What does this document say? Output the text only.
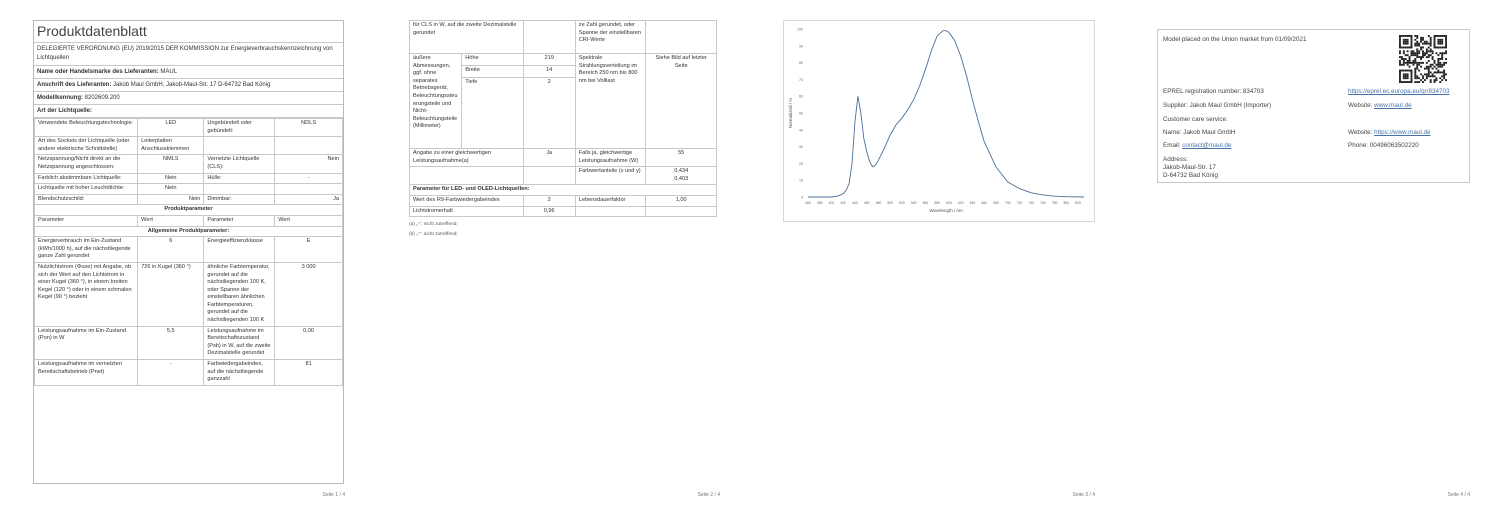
Produktdatenblatt
DELEGIERTE VERORDNUNG (EU) 2019/2015 DER KOMMISSION zur Energieverbrauchskennzeichnung von Lichtquellen
Name oder Handelsmarke des Lieferanten: MAUL
Anschrift des Lieferanten: Jakob Maul GmbH, Jakob-Maul-Str. 17 D-64732 Bad König
Modellkennung: 8202609.200
Art der Lichtquelle:
Verwendete Beleuchtungstechnologie:	LED	Ungebündelt oder gebündelt:	NDLS
Art des Sockels der Lichtquelle (oder andere elektrische Schnittstelle)	Leiterplatten Anschlussklemmen		
Netzspannung/Nicht direkt an die Netzspannung angeschlossen:	NMLS	Vernetzte Lichtquelle (CLS):	Nein
Farblich abstimmbare Lichtquelle:	Nein	Hülle:	-
Lichtquelle mit hoher Leuchtdichte:	Nein		
Blendschutzschild:	Nein	Dimmbar:	Ja
Produktparameter			
Parameter	Wert	Parameter	Wert
Allgemeine Produktparameter:			
Energieverbrauch im Ein-Zustand (kWh/1000 h), auf die nächstliegende ganze Zahl gerundet	6	Energieeffizienzklasse	E
Nutzlichtstrom (Φuse) mit Angabe, ob sich der Wert auf den Lichtstrom in einer Kugel (360 °), in einem breiten Kegel (120 °) oder in einem schmalen Kegel (90 °) bezieht	726 in Kugel (360 °)	ähnliche Farbtemperatur, gerundet auf die nächstliegenden 100 K, oder Spanne der einstellbaren ähnlichen Farbtemperaturen, gerundet auf die nächstliegenden 100 K	3 000
Leistungsaufnahme im Ein-Zustand (Pon) in W	5,5	Leistungsaufnahme im Bereitschaftszustand (Psb) in W, auf die zweite Dezimalstelle gerundet	0,00
Leistungsaufnahme im vernetzten Bereitschaftsbetrieb (Pnet)	-	Farbwiedergabeindex, auf die nächstliegende ganzzahl	81
Seite 1 / 4
für CLS in W, auf die zweite Dezimalstelle gerundet			ze Zahl gerundet, oder Spanne der einstellbaren CRI-Werte	
äußere Abmessungen, ggf. ohne separates Betriebsgerät, Beleuchtungssteuerungsteile und Nicht-Beleuchtungsteile (Millimeter)	Höhe	219	Spektrale Strahlungsverteilung im Bereich 250 nm bis 800 nm bei Volllast	Siehe Bild auf letzter Seite
	Breite	14		
	Tiefe	2		
Angabe zu einer gleichwertigen Leistungsaufnahme(a)		Ja	Falls ja, gleichwertige Leistungsaufnahme (W)	55
			Farbwertanteile (x und y)	0,434
0,403
Parameter für LED- und OLED-Lichtquellen:				
Wert des R9-Farbwiedergabeindex		2	Lebensdauerfaktor	1,00
Lichtstromerhalt		0,96		
(a) „-“: nicht zutreffend;
(b) „-“: nicht zutreffend;
Seite 2 / 4
0
10
20
30
40
50
60
70
80
90
100
360 380 400 420 440 460 480 500 520 540 560 580 600 620 640 660 680 700 720 740 760 780 800 820
Normalized / %
Wavelength / nm
Seite 3 / 4
Model placed on the Union market from 01/09/2021
EPREL registration number: 834703	https://eprel.ec.europa.eu/qr/834703
Supplier: Jakob Maul GmbH (Importer)	Website: www.maul.de
Customer care service:
Name: Jakob Maul GmbH	Website: https://www.maul.de
Email: contact@maul.de	Phone: 00496063502220
Address:
Jakob-Maul-Str. 17
D-64732 Bad König
Seite 4 / 4
